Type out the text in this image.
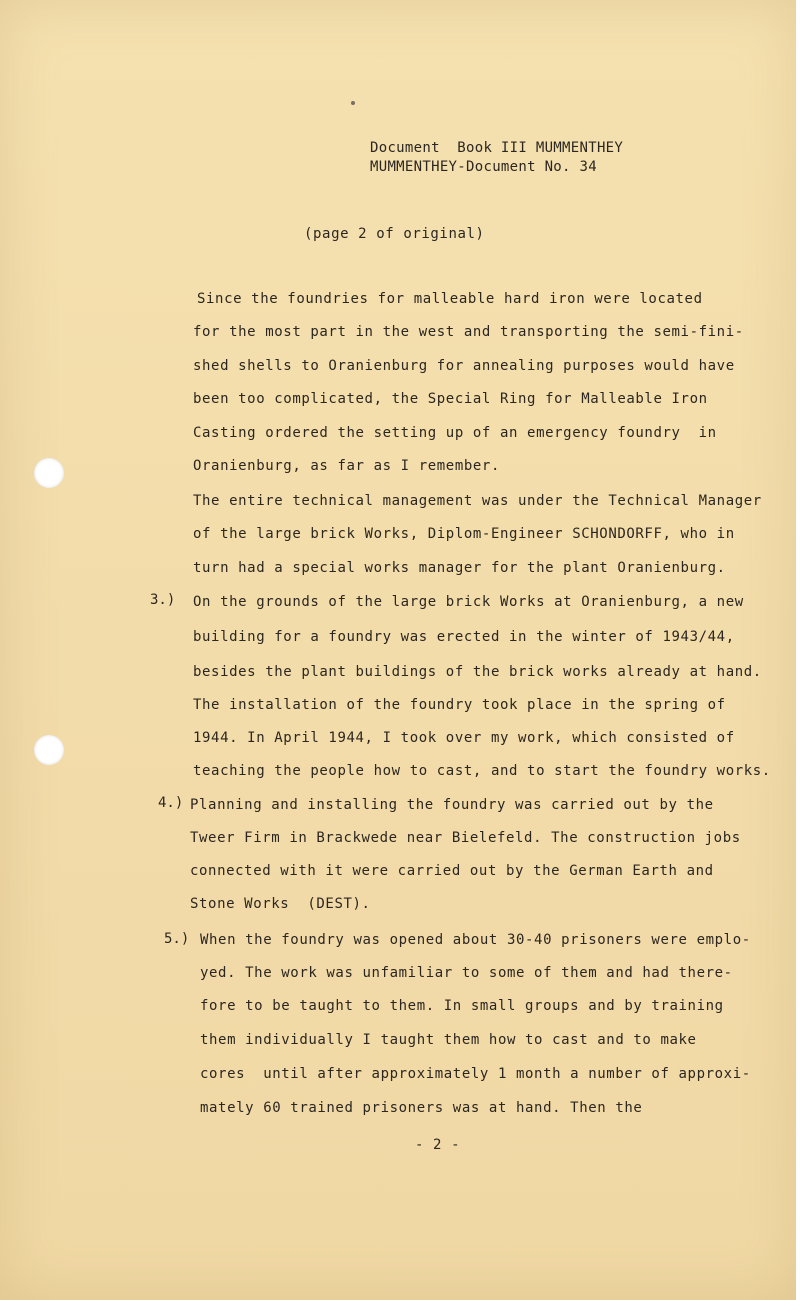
Document  Book III MUMMENTHEY
MUMMENTHEY-Document No. 34
(page 2 of original)
Since the foundries for malleable hard iron were located
for the most part in the west and transporting the semi-fini-
shed shells to Oranienburg for annealing purposes would have
been too complicated, the Special Ring for Malleable Iron
Casting ordered the setting up of an emergency foundry  in
Oranienburg, as far as I remember.
The entire technical management was under the Technical Manager
of the large brick Works, Diplom-Engineer SCHONDORFF, who in
turn had a special works manager for the plant Oranienburg.
3.) On the grounds of the large brick Works at Oranienburg, a new
building for a foundry was erected in the winter of 1943/44,
besides the plant buildings of the brick works already at hand.
The installation of the foundry took place in the spring of
1944. In April 1944, I took over my work, which consisted of
teaching the people how to cast, and to start the foundry works.
4.) Planning and installing the foundry was carried out by the
Tweer Firm in Brackwede near Bielefeld. The construction jobs
connected with it were carried out by the German Earth and
Stone Works  (DEST).
5.) When the foundry was opened about 30-40 prisoners were emplo-
yed. The work was unfamiliar to some of them and had there-
fore to be taught to them. In small groups and by training
them individually I taught them how to cast and to make
cores  until after approximately 1 month a number of approxi-
mately 60 trained prisoners was at hand. Then the
- 2 -
